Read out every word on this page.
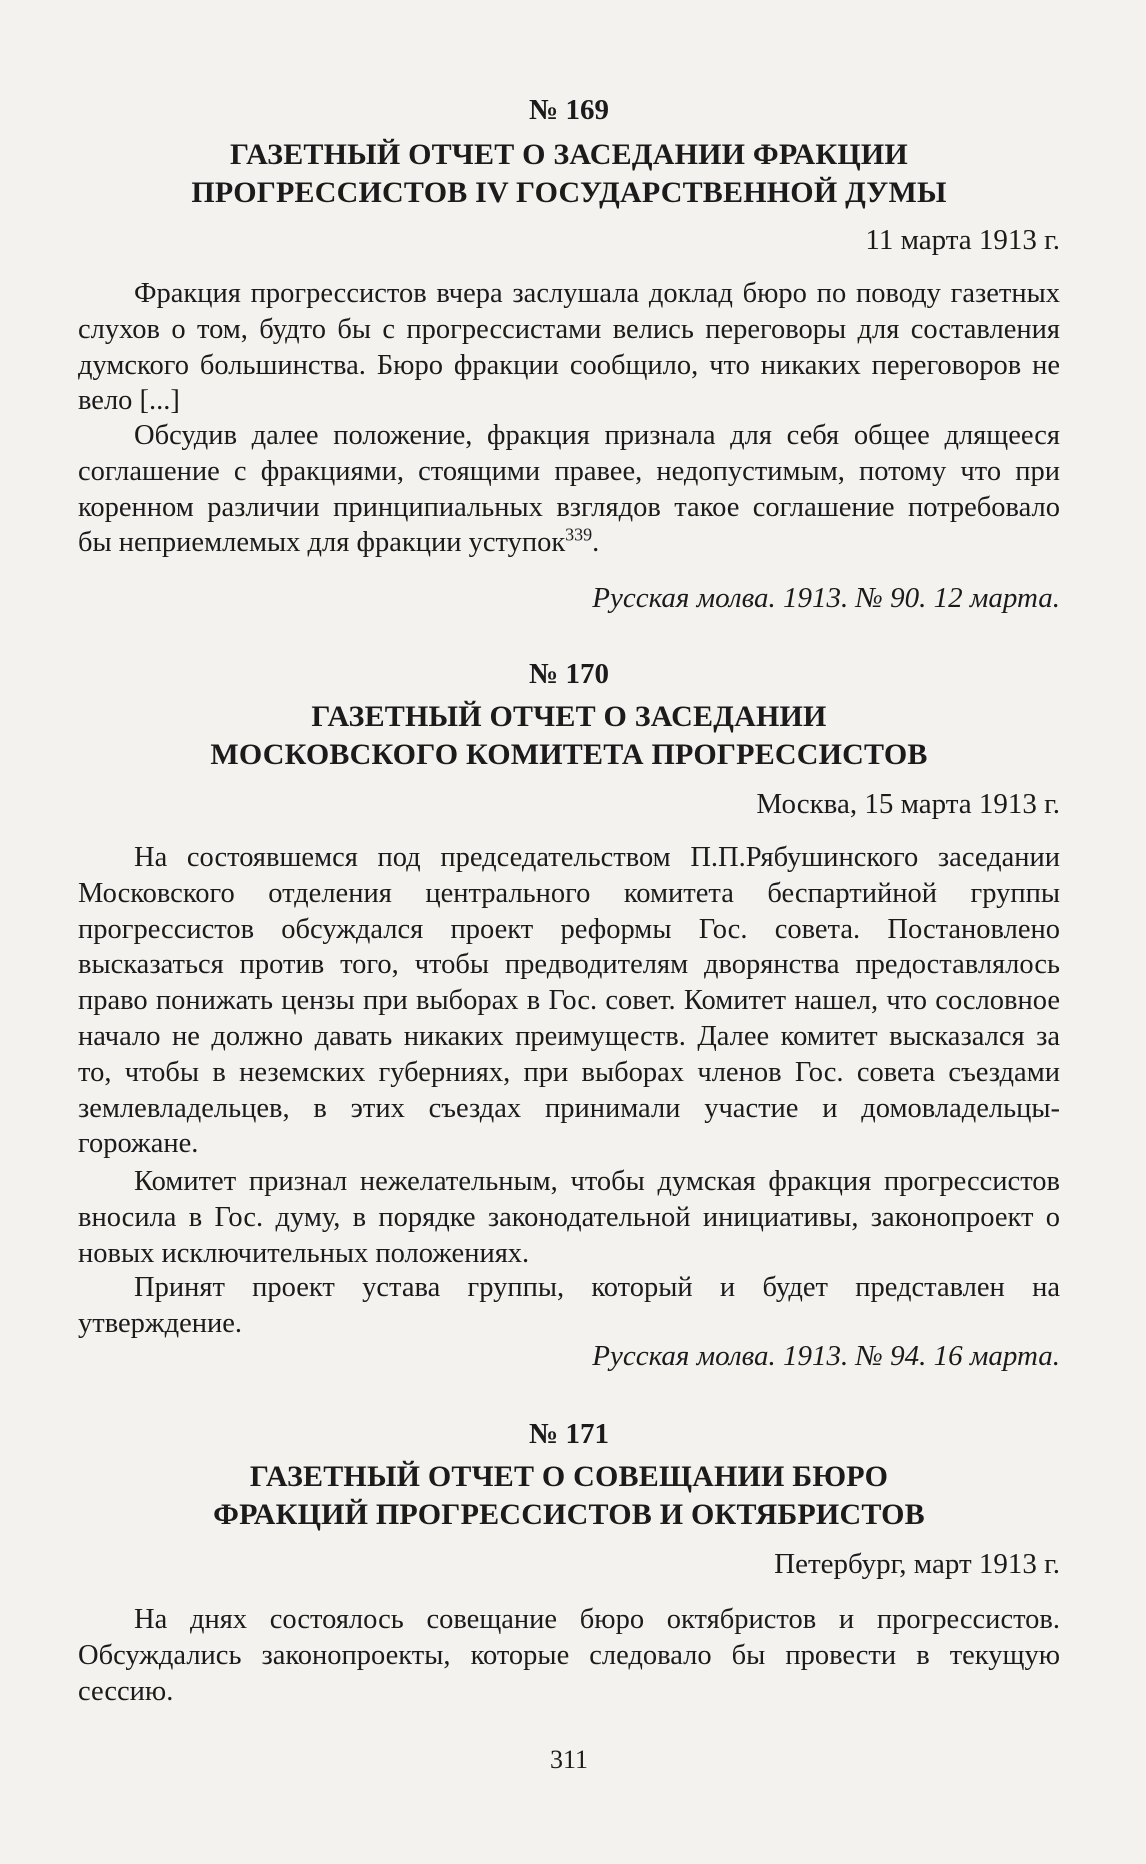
№ 169
ГАЗЕТНЫЙ ОТЧЕТ О ЗАСЕДАНИИ ФРАКЦИИ
ПРОГРЕССИСТОВ IV ГОСУДАРСТВЕННОЙ ДУМЫ
11 марта 1913 г.

Фракция прогрессистов вчера заслушала доклад бюро по поводу газетных слухов о том, будто бы с прогрессистами велись переговоры для составления думского большинства. Бюро фракции сообщило, что никаких переговоров не вело [...]

Обсудив далее положение, фракция признала для себя общее длящееся соглашение с фракциями, стоящими правее, недопустимым, потому что при коренном различии принципиальных взглядов такое соглашение потребовало бы неприемлемых для фракции уступок$^{339}$.

Русская молва. 1913. № 90. 12 марта.
№ 170
ГАЗЕТНЫЙ ОТЧЕТ О ЗАСЕДАНИИ
МОСКОВСКОГО КОМИТЕТА ПРОГРЕССИСТОВ
Москва, 15 марта 1913 г.

На состоявшемся под председательством П.П.Рябушинского заседании Московского отделения центрального комитета беспартийной группы прогрессистов обсуждался проект реформы Гос. совета. Постановлено высказаться против того, чтобы предводителям дворянства предоставлялось право понижать цензы при выборах в Гос. совет. Комитет нашел, что сословное начало не должно давать никаких преимуществ. Далее комитет высказался за то, чтобы в неземских губерниях, при выборах членов Гос. совета съездами землевладельцев, в этих съездах принимали участие и домовладельцы-горожане.

Комитет признал нежелательным, чтобы думская фракция прогрессистов вносила в Гос. думу, в порядке законодательной инициативы, законопроект о новых исключительных положениях.

Принят проект устава группы, который и будет представлен на утверждение.

Русская молва. 1913. № 94. 16 марта.
№ 171
ГАЗЕТНЫЙ ОТЧЕТ О СОВЕЩАНИИ БЮРО
ФРАКЦИЙ ПРОГРЕССИСТОВ И ОКТЯБРИСТОВ
Петербург, март 1913 г.

На днях состоялось совещание бюро октябристов и прогрессистов. Обсуждались законопроекты, которые следовало бы провести в текущую сессию.

311
